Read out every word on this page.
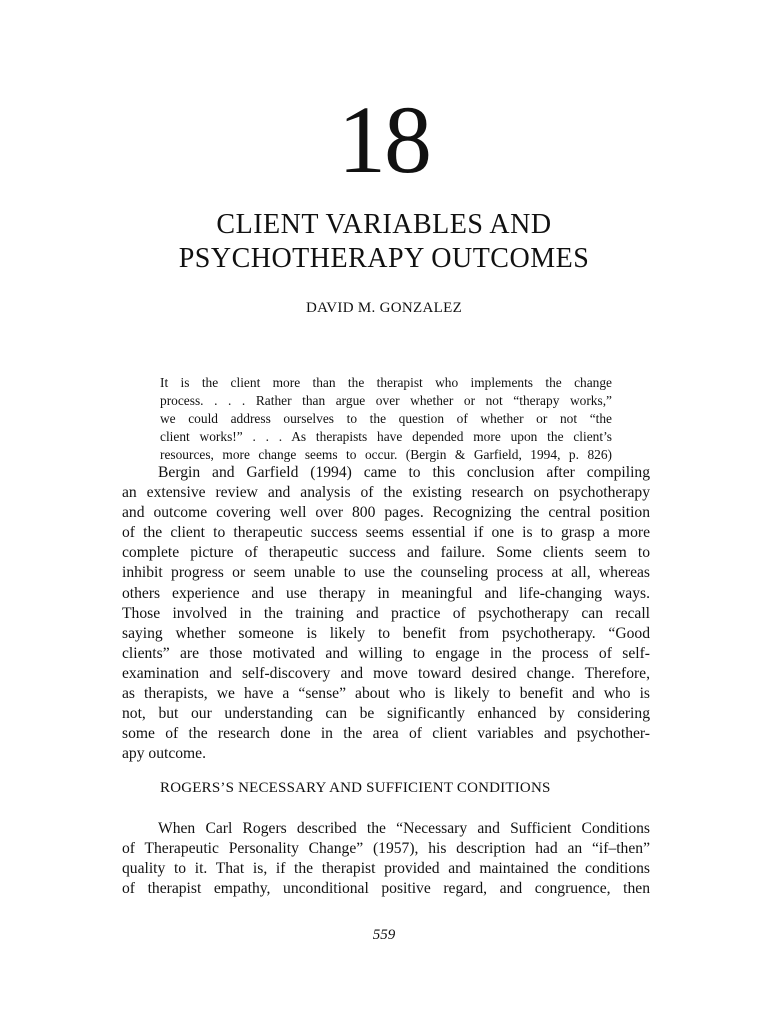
18
CLIENT VARIABLES AND
PSYCHOTHERAPY OUTCOMES
DAVID M. GONZALEZ
It is the client more than the therapist who implements the change
process. . . . Rather than argue over whether or not “therapy works,”
we could address ourselves to the question of whether or not “the
client works!” . . . As therapists have depended more upon the client’s
resources, more change seems to occur. (Bergin & Garfield, 1994, p. 826)
Bergin and Garfield (1994) came to this conclusion after compiling
an extensive review and analysis of the existing research on psychotherapy
and outcome covering well over 800 pages. Recognizing the central position
of the client to therapeutic success seems essential if one is to grasp a more
complete picture of therapeutic success and failure. Some clients seem to
inhibit progress or seem unable to use the counseling process at all, whereas
others experience and use therapy in meaningful and life-changing ways.
Those involved in the training and practice of psychotherapy can recall
saying whether someone is likely to benefit from psychotherapy. “Good
clients” are those motivated and willing to engage in the process of self-
examination and self-discovery and move toward desired change. Therefore,
as therapists, we have a “sense” about who is likely to benefit and who is
not, but our understanding can be significantly enhanced by considering
some of the research done in the area of client variables and psychother-
apy outcome.
ROGERS’S NECESSARY AND SUFFICIENT CONDITIONS
When Carl Rogers described the “Necessary and Sufficient Conditions
of Therapeutic Personality Change” (1957), his description had an “if–then”
quality to it. That is, if the therapist provided and maintained the conditions
of therapist empathy, unconditional positive regard, and congruence, then
559
